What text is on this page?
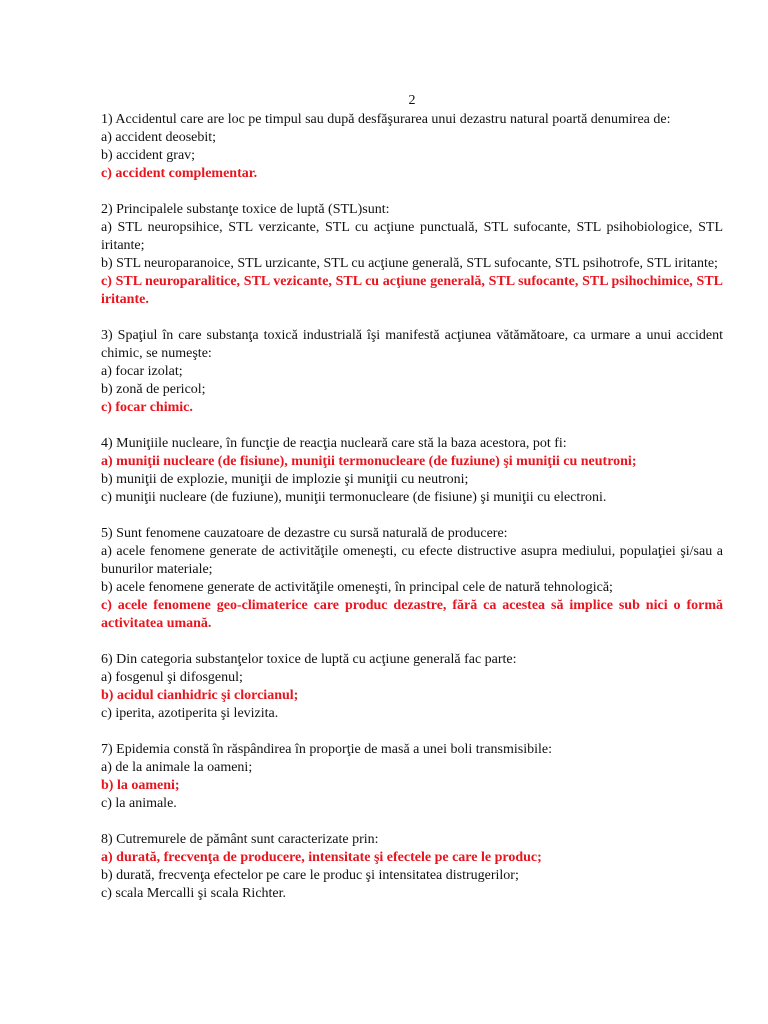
2
1) Accidentul care are loc pe timpul sau după desfăşurarea unui dezastru natural poartă denumirea de:
a) accident deosebit;
b) accident grav;
c) accident complementar.
2) Principalele substanţe toxice de luptă (STL)sunt:
a) STL neuropsihice, STL verzicante, STL cu acţiune punctuală, STL sufocante, STL psihobiologice, STL iritante;
b) STL neuroparanoice, STL urzicante, STL cu acţiune generală, STL sufocante, STL psihotrofe, STL iritante;
c) STL neuroparalitice, STL vezicante, STL cu acţiune generală, STL sufocante, STL psihochimice, STL iritante.
3) Spaţiul în care substanţa toxică industrială îşi manifestă acţiunea vătămătoare, ca urmare a unui accident chimic, se numeşte:
a) focar izolat;
b) zonă de pericol;
c) focar chimic.
4) Muniţiile nucleare, în funcţie de reacţia nucleară care stă la baza acestora, pot fi:
a) muniţii nucleare (de fisiune), muniţii termonucleare (de fuziune) şi muniţii cu neutroni;
b) muniţii de explozie, muniţii de implozie şi muniţii cu neutroni;
c) muniţii nucleare (de fuziune), muniţii termonucleare (de fisiune) şi muniţii cu electroni.
5) Sunt fenomene cauzatoare de dezastre cu sursă naturală de producere:
a) acele fenomene generate de activităţile omeneşti, cu efecte distructive asupra mediului, populaţiei şi/sau a bunurilor materiale;
b) acele fenomene generate de activităţile omeneşti, în principal cele de natură tehnologică;
c) acele fenomene geo-climaterice care produc dezastre, fără ca acestea să implice sub nici o formă activitatea umană.
6) Din categoria substanţelor toxice de luptă cu acţiune generală fac parte:
a) fosgenul şi difosgenul;
b) acidul cianhidric şi clorcianul;
c) iperita, azotiperita şi levizita.
7) Epidemia constă în răspândirea în proporţie de masă a unei boli transmisibile:
a) de la animale la oameni;
b) la oameni;
c) la animale.
8) Cutremurele de pământ sunt caracterizate prin:
a) durată, frecvenţa de producere, intensitate şi efectele pe care le produc;
b) durată, frecvenţa efectelor pe care le produc şi intensitatea distrugerilor;
c) scala Mercalli şi scala Richter.
